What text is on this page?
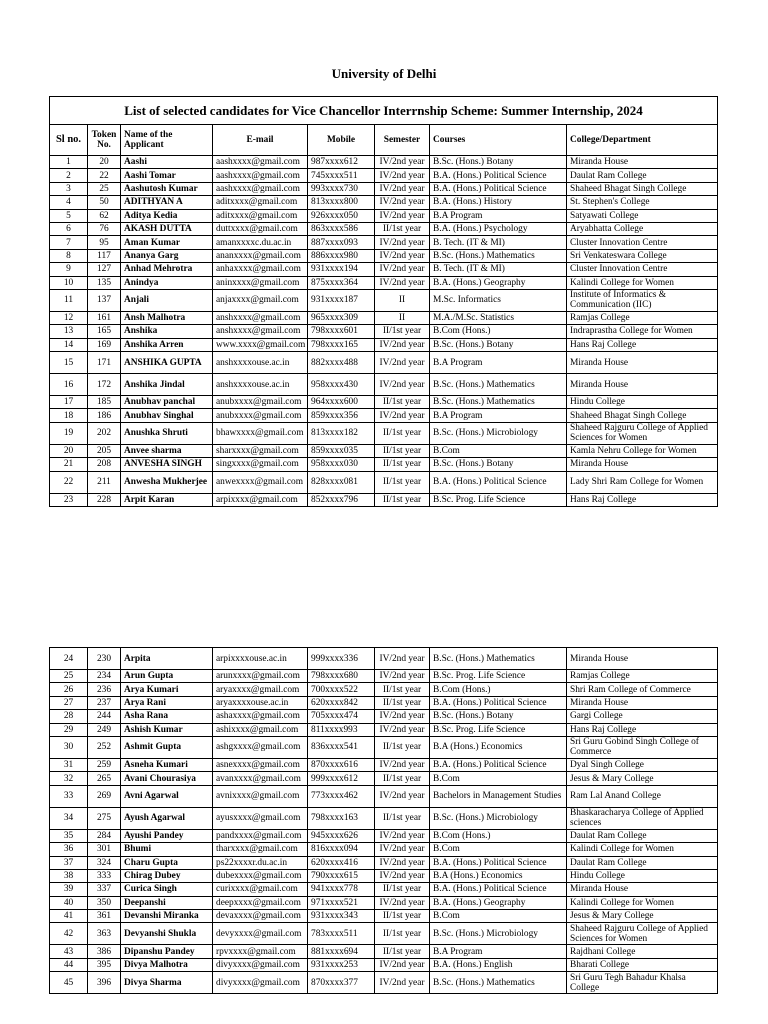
University of Delhi
List of selected candidates for Vice Chancellor Interrnship Scheme: Summer Internship, 2024							
Sl no.	Token No.	Name of the Applicant	E-mail	Mobile	Semester	Courses	College/Department
1	20	Aashi	aashxxxx@gmail.com	987xxxx612	IV/2nd year	B.Sc. (Hons.) Botany	Miranda House
2	22	Aashi Tomar	aashxxxx@gmail.com	745xxxx511	IV/2nd year	B.A. (Hons.) Political Science	Daulat Ram College
3	25	Aashutosh Kumar	aashxxxx@gmail.com	993xxxx730	IV/2nd year	B.A. (Hons.) Political Science	Shaheed Bhagat Singh College
4	50	ADITHYAN A	aditxxxx@gmail.com	813xxxx800	IV/2nd year	B.A. (Hons.) History	St. Stephen's College
5	62	Aditya Kedia	aditxxxx@gmail.com	926xxxx050	IV/2nd year	B.A Program	Satyawati College
6	76	AKASH DUTTA	duttxxxx@gmail.com	863xxxx586	II/1st year	B.A. (Hons.) Psychology	Aryabhatta College
7	95	Aman Kumar	amanxxxxc.du.ac.in	887xxxx093	IV/2nd year	B. Tech. (IT & MI)	Cluster Innovation Centre
8	117	Ananya Garg	ananxxxx@gmail.com	886xxxx980	IV/2nd year	B.Sc. (Hons.) Mathematics	Sri Venkateswara College
9	127	Anhad Mehrotra	anhaxxxx@gmail.com	931xxxx194	IV/2nd year	B. Tech. (IT & MI)	Cluster Innovation Centre
10	135	Anindya	aninxxxx@gmail.com	875xxxx364	IV/2nd year	B.A. (Hons.) Geography	Kalindi College for Women
11	137	Anjali	anjaxxxx@gmail.com	931xxxx187	II	M.Sc. Informatics	Institute of Informatics & Communication (IIC)
12	161	Ansh Malhotra	anshxxxx@gmail.com	965xxxx309	II	M.A./M.Sc. Statistics	Ramjas College
13	165	Anshika	anshxxxx@gmail.com	798xxxx601	II/1st year	B.Com (Hons.)	Indraprastha College for Women
14	169	Anshika Arren	www.xxxx@gmail.com	798xxxx165	IV/2nd year	B.Sc. (Hons.) Botany	Hans Raj College
15	171	ANSHIKA GUPTA	anshxxxxouse.ac.in	882xxxx488	IV/2nd year	B.A Program	Miranda House
16	172	Anshika Jindal	anshxxxxouse.ac.in	958xxxx430	IV/2nd year	B.Sc. (Hons.) Mathematics	Miranda House
17	185	Anubhav panchal	anubxxxx@gmail.com	964xxxx600	II/1st year	B.Sc. (Hons.) Mathematics	Hindu College
18	186	Anubhav Singhal	anubxxxx@gmail.com	859xxxx356	IV/2nd year	B.A Program	Shaheed Bhagat Singh College
19	202	Anushka Shruti	bhawxxxx@gmail.com	813xxxx182	II/1st year	B.Sc. (Hons.) Microbiology	Shaheed Rajguru College of Applied Sciences for Women
20	205	Anvee sharma	sharxxxx@gmail.com	859xxxx035	II/1st year	B.Com	Kamla Nehru College for Women
21	208	ANVESHA SINGH	singxxxx@gmail.com	958xxxx030	II/1st year	B.Sc. (Hons.) Botany	Miranda House
22	211	Anwesha Mukherjee	anwexxxx@gmail.com	828xxxx081	II/1st year	B.A. (Hons.) Political Science	Lady Shri Ram College for Women
23	228	Arpit Karan	arpixxxx@gmail.com	852xxxx796	II/1st year	B.Sc. Prog. Life Science	Hans Raj College
24	230	Arpita	arpixxxxouse.ac.in	999xxxx336	IV/2nd year	B.Sc. (Hons.) Mathematics	Miranda House
25	234	Arun Gupta	arunxxxx@gmail.com	798xxxx680	IV/2nd year	B.Sc. Prog. Life Science	Ramjas College
26	236	Arya Kumari	aryaxxxx@gmail.com	700xxxx522	II/1st year	B.Com (Hons.)	Shri Ram College of Commerce
27	237	Arya Rani	aryaxxxxouse.ac.in	620xxxx842	II/1st year	B.A. (Hons.) Political Science	Miranda House
28	244	Asha Rana	ashaxxxx@gmail.com	705xxxx474	IV/2nd year	B.Sc. (Hons.) Botany	Gargi College
29	249	Ashish Kumar	ashixxxx@gmail.com	811xxxx993	IV/2nd year	B.Sc. Prog. Life Science	Hans Raj College
30	252	Ashmit Gupta	ashgxxxx@gmail.com	836xxxx541	II/1st year	B.A (Hons.) Economics	Sri Guru Gobind Singh College of Commerce
31	259	Asneha Kumari	asnexxxx@gmail.com	870xxxx616	IV/2nd year	B.A. (Hons.) Political Science	Dyal Singh College
32	265	Avani Chourasiya	avanxxxx@gmail.com	999xxxx612	II/1st year	B.Com	Jesus & Mary College
33	269	Avni Agarwal	avnixxxx@gmail.com	773xxxx462	IV/2nd year	Bachelors in Management Studies	Ram Lal Anand College
34	275	Ayush Agarwal	ayusxxxx@gmail.com	798xxxx163	II/1st year	B.Sc. (Hons.) Microbiology	Bhaskaracharya College of Applied sciences
35	284	Ayushi Pandey	pandxxxx@gmail.com	945xxxx626	IV/2nd year	B.Com (Hons.)	Daulat Ram College
36	301	Bhumi	tharxxxx@gmail.com	816xxxx094	IV/2nd year	B.Com	Kalindi College for Women
37	324	Charu Gupta	ps22xxxxr.du.ac.in	620xxxx416	IV/2nd year	B.A. (Hons.) Political Science	Daulat Ram College
38	333	Chirag Dubey	dubexxxx@gmail.com	790xxxx615	IV/2nd year	B.A (Hons.) Economics	Hindu College
39	337	Curica Singh	curixxxx@gmail.com	941xxxx778	II/1st year	B.A. (Hons.) Political Science	Miranda House
40	350	Deepanshi	deepxxxx@gmail.com	971xxxx521	IV/2nd year	B.A. (Hons.) Geography	Kalindi College for Women
41	361	Devanshi Miranka	devaxxxx@gmail.com	931xxxx343	II/1st year	B.Com	Jesus & Mary College
42	363	Devyanshi Shukla	devyxxxx@gmail.com	783xxxx511	II/1st year	B.Sc. (Hons.) Microbiology	Shaheed Rajguru College of Applied Sciences for Women
43	386	Dipanshu Pandey	rpvxxxx@gmail.com	881xxxx694	II/1st year	B.A Program	Rajdhani College
44	395	Divya Malhotra	divyxxxx@gmail.com	931xxxx253	IV/2nd year	B.A. (Hons.) English	Bharati College
45	396	Divya Sharma	divyxxxx@gmail.com	870xxxx377	IV/2nd year	B.Sc. (Hons.) Mathematics	Sri Guru Tegh Bahadur Khalsa College
